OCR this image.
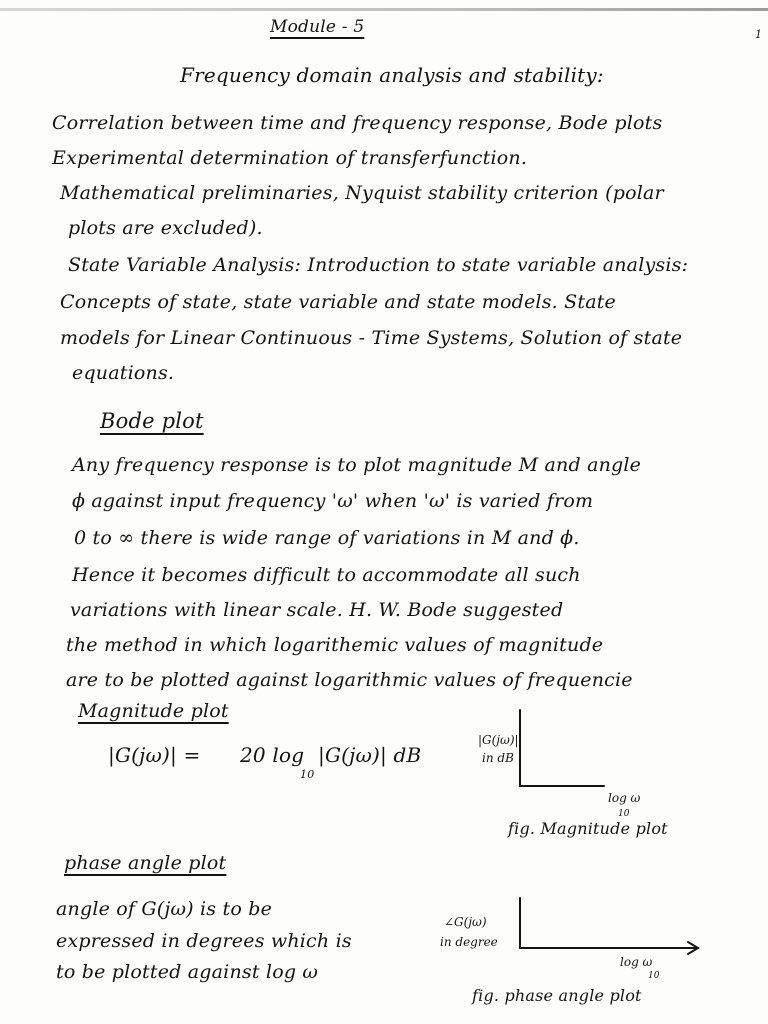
Module - 5	1
Frequency domain analysis and stability:
Correlation between time and frequency response, Bode plots
Experimental determination of transferfunction.
Mathematical preliminaries, Nyquist stability criterion (polar
plots are excluded).
State Variable Analysis: Introduction to state variable analysis:
Concepts of state, state variable and state models. State
models for Linear Continuous - Time Systems, Solution of state
equations.
Bode plot
Any frequency response is to plot magnitude M and angle
ϕ against input frequency 'ω' when 'ω' is varied from
0 to ∞ there is wide range of variations in M and ϕ.
Hence it becomes difficult to accommodate all such
variations with linear scale. H. W. Bode suggested
the method in which logarithemic values of magnitude
are to be plotted against logarithmic values of frequencie
Magnitude plot
|G(jω)| = 20 log
10
|G(jω)| dB
|G(jω)|
in dB
log ω
10
fig. Magnitude plot
phase angle plot
angle of G(jω) is to be
expressed in degrees which is
to be plotted against log ω
∠G(jω)
in degree
log ω
10
fig. phase angle plot
